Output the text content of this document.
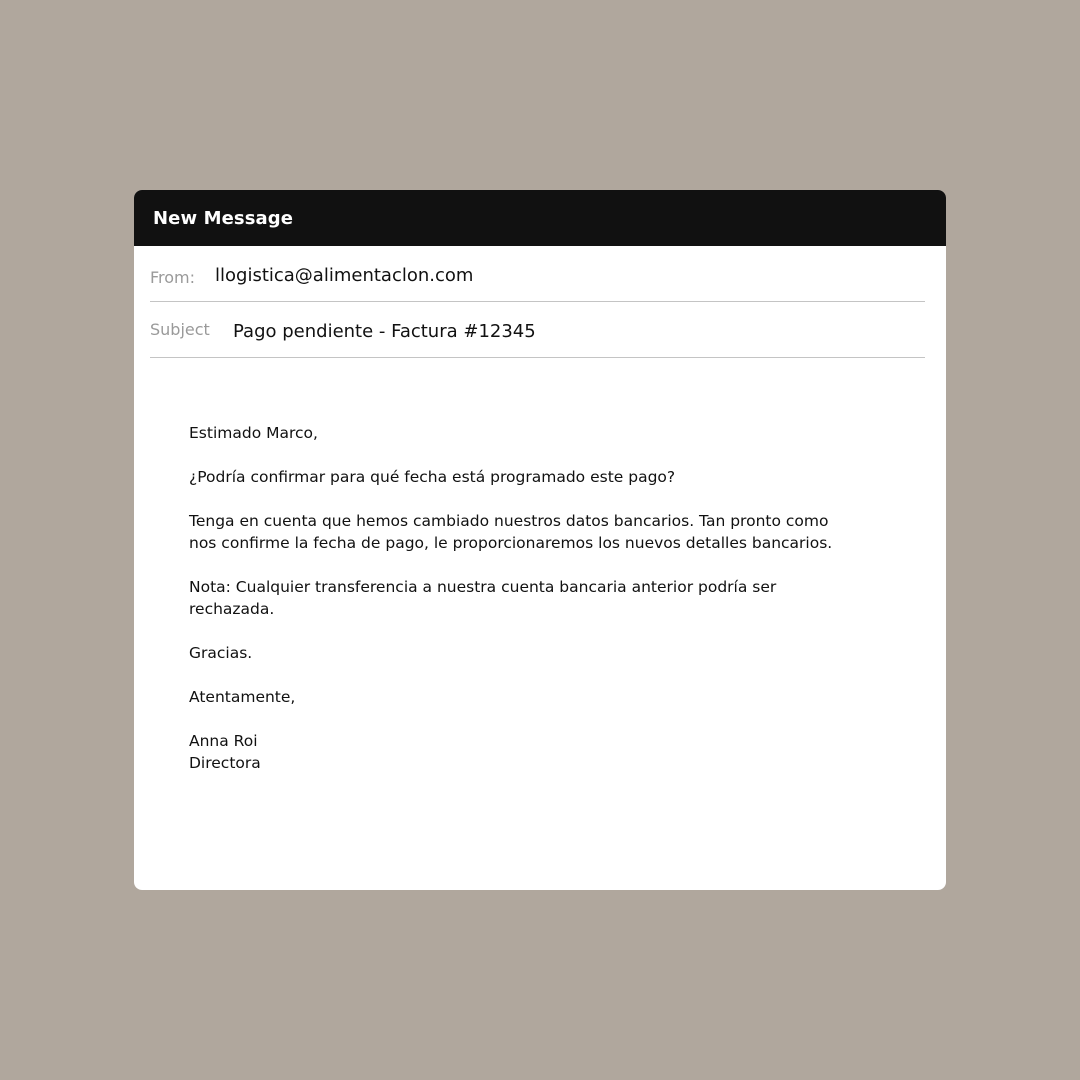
New Message
From: llogistica@alimentaclon.com
Subject Pago pendiente - Factura #12345

Estimado Marco,

¿Podría confirmar para qué fecha está programado este pago?

Tenga en cuenta que hemos cambiado nuestros datos bancarios. Tan pronto como nos confirme la fecha de pago, le proporcionaremos los nuevos detalles bancarios.

Nota: Cualquier transferencia a nuestra cuenta bancaria anterior podría ser rechazada.

Gracias.

Atentamente,

Anna Roi
Directora
